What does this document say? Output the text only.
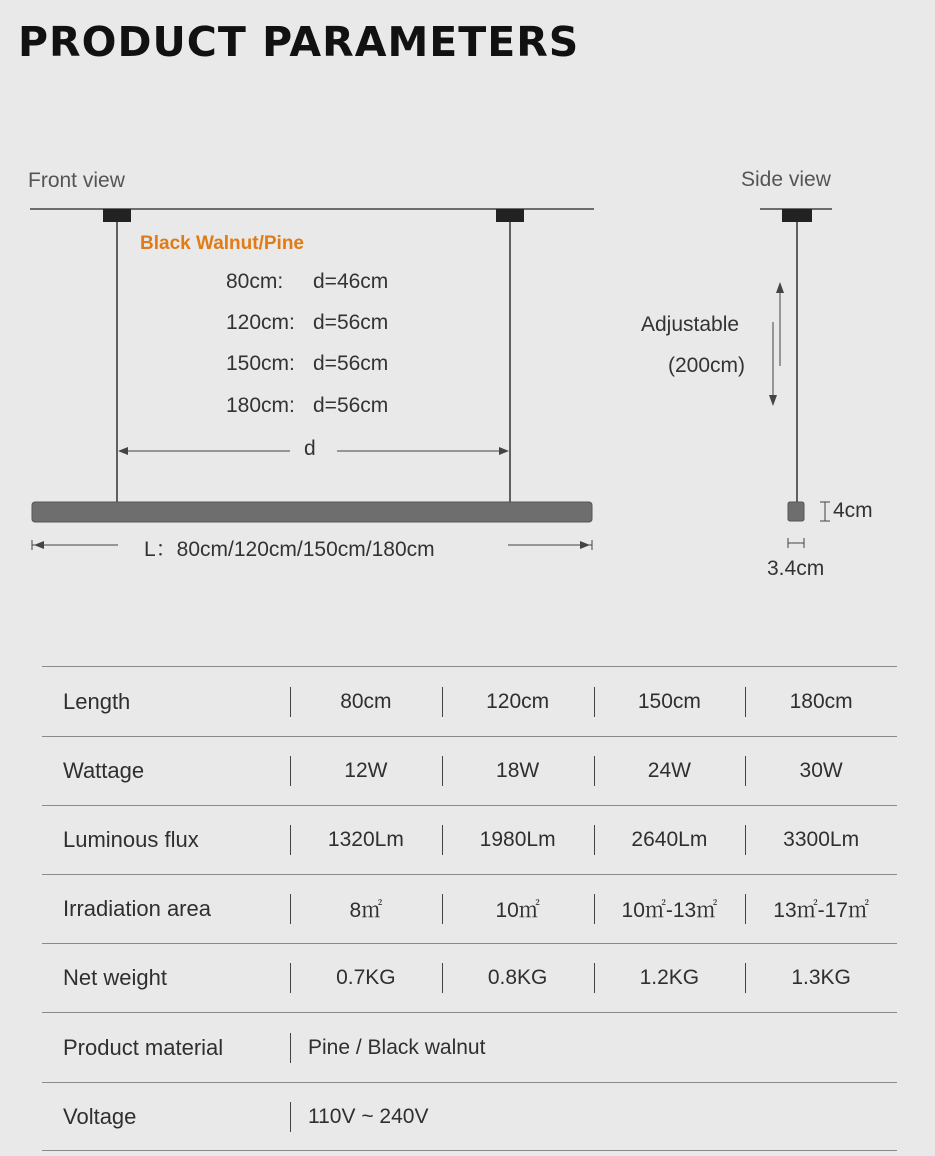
PRODUCT PARAMETERS
Front view
Black Walnut/Pine
80cm: d=46cm
120cm: d=56cm
150cm: d=56cm
180cm: d=56cm
d
L：80cm/120cm/150cm/180cm
Side view
Adjustable
(200cm)
4cm
3.4cm
Length	80cm	120cm	150cm	180cm
Wattage	12W	18W	24W	30W
Luminous flux	1320Lm	1980Lm	2640Lm	3300Lm
Irradiation area	8㎡	10㎡	10㎡-13㎡	13㎡-17㎡
Net weight	0.7KG	0.8KG	1.2KG	1.3KG
Product material	Pine / Black walnut
Voltage	110V ~ 240V
